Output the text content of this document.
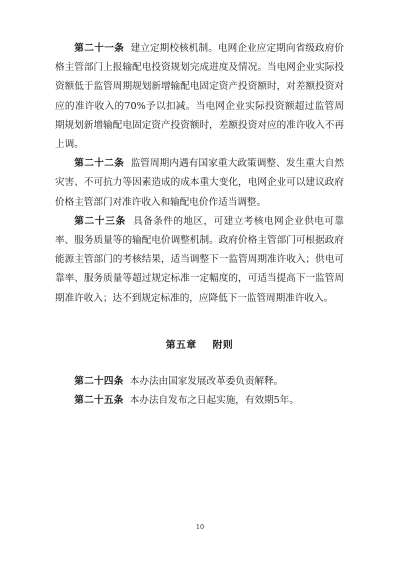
第二十一条 建立定期校核机制。电网企业应定期向省级政府价格主管部门上报输配电投资规划完成进度及情况。当电网企业实际投资额低于监管周期规划新增输配电固定资产投资额时，对差额投资对应的准许收入的70%予以扣减。当电网企业实际投资额超过监管周期规划新增输配电固定资产投资额时，差额投资对应的准许收入不再上调。

第二十二条 监管周期内遇有国家重大政策调整、发生重大自然灾害、不可抗力等因素造成的成本重大变化，电网企业可以建议政府价格主管部门对准许收入和输配电价作适当调整。

第二十三条 具备条件的地区，可建立考核电网企业供电可靠率、服务质量等的输配电价调整机制。政府价格主管部门可根据政府能源主管部门的考核结果，适当调整下一监管周期准许收入；供电可靠率、服务质量等超过规定标准一定幅度的，可适当提高下一监管周期准许收入；达不到规定标准的，应降低下一监管周期准许收入。

第五章 附则

第二十四条 本办法由国家发展改革委负责解释。

第二十五条 本办法自发布之日起实施，有效期5年。

10
